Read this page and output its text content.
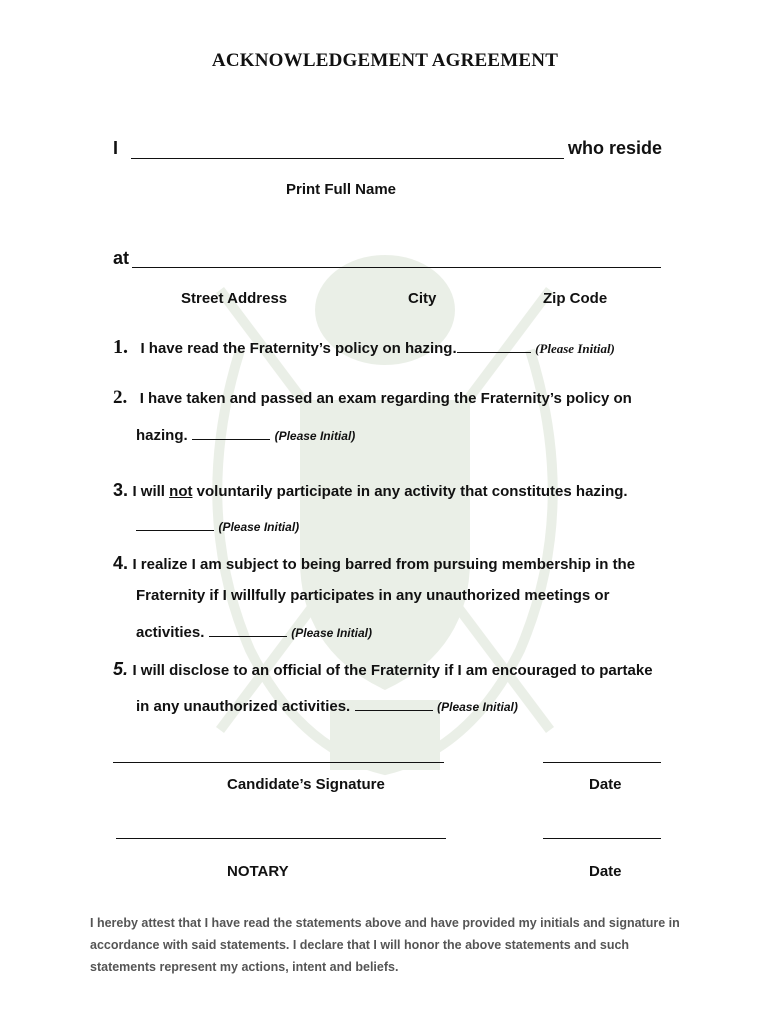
ACKNOWLEDGEMENT AGREEMENT
I	who reside
Print Full Name
at
Street Address	City	Zip Code
1. I have read the Fraternity’s policy on hazing.	(Please Initial)
2. I have taken and passed an exam regarding the Fraternity’s policy on
hazing.	(Please Initial)
3. I will not voluntarily participate in any activity that constitutes hazing.
(Please Initial)
4. I realize I am subject to being barred from pursuing membership in the
Fraternity if I willfully participates in any unauthorized meetings or
activities.	(Please Initial)
5. I will disclose to an official of the Fraternity if I am encouraged to partake
in any unauthorized activities.	(Please Initial)
Candidate’s Signature	Date
NOTARY	Date
I hereby attest that I have read the statements above and have provided my initials and signature in accordance with said statements. I declare that I will honor the above statements and such statements represent my actions, intent and beliefs.
